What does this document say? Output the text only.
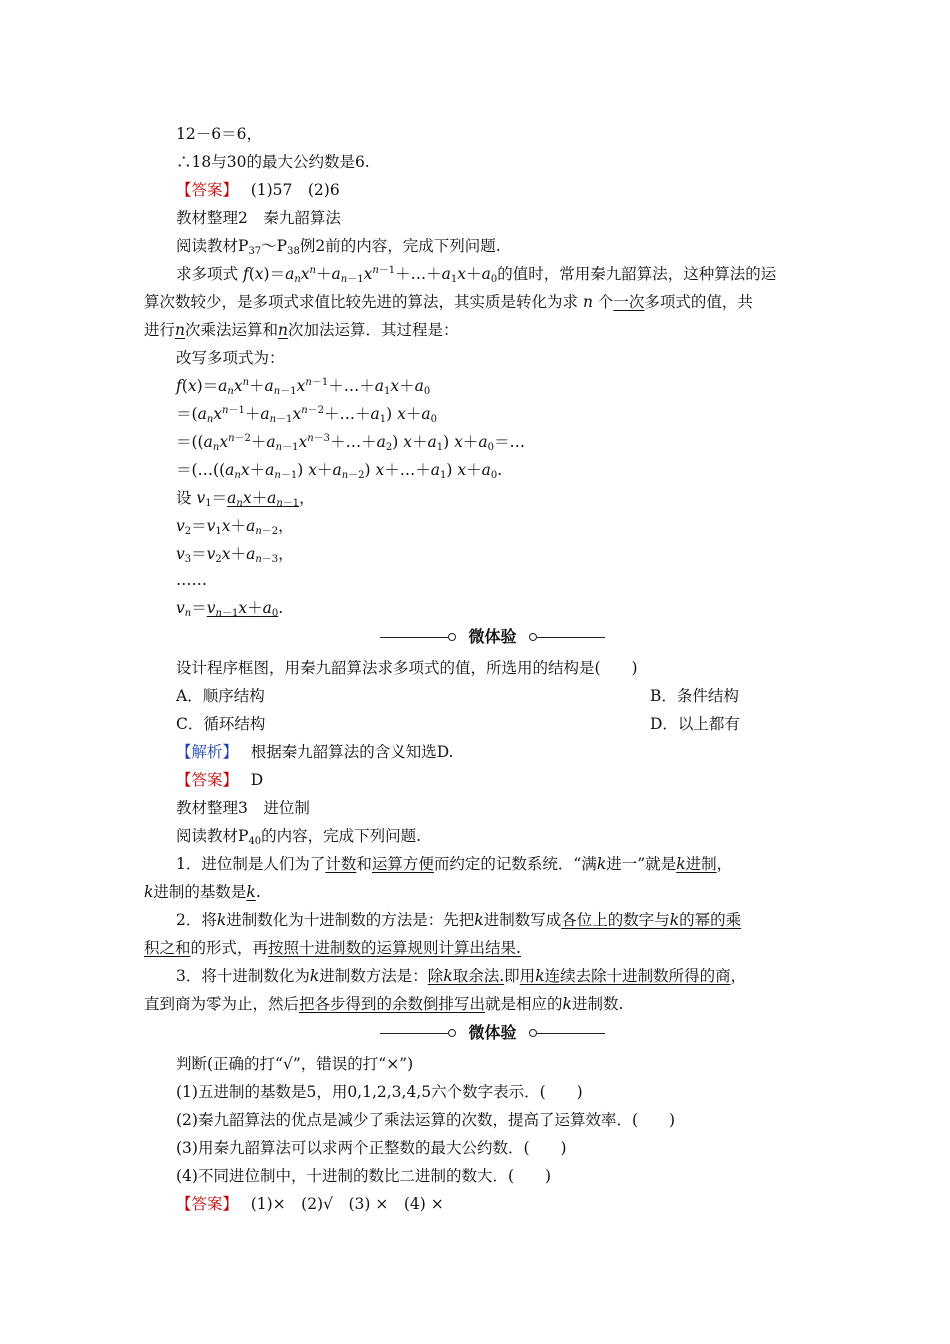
12－6＝6，
∴18与30的最大公约数是6.
【答案】　 (1)57　(2)6
教材整理2　秦九韶算法
阅读教材$P_{37}\sim P_{38}$例2前的内容，完成下列问题.
求多项式 $f(x)=a_nx^n+a_{n-1}x^{n-1}+\dots+a_1x+a_0$的值时，常用秦九韶算法，这种算法的运
算次数较少，是多项式求值比较先进的算法，其实质是转化为求 n 个一次多项式的值，共
进行n次乘法运算和n次加法运算．其过程是：
改写多项式为：
$f(x)=a_nx^n+a_{n-1}x^{n-1}+\dots+a_1x+a_0$
$=(a_nx^{n-1}+a_{n-1}x^{n-2}+\dots+a_1)$ $x+a_0$
$=((a_nx^{n-2}+a_{n-1}x^{n-3}+\dots+a_2)$ $x+a_1$) $x+a_0=\dots$
$=(\dots((a_nx+a_{n-1})$ $x+a_{n-2}$) $x+\dots+a_1$) $x+a_0$.
设 $v_1=a_nx+a_{n-1}$，
$v_2=v_1x+a_{n-2}$，
$v_3=v_2x+a_{n-3}$，
……
$v_n=v_{n-1}x+a_0$.
微体验
设计程序框图，用秦九韶算法求多项式的值，所选用的结构是(　　)
A．顺序结构	B．条件结构
C．循环结构	D．以上都有
【解析】　 根据秦九韶算法的含义知选D.
【答案】　 D
教材整理3　进位制
阅读教材$P_{40}$的内容，完成下列问题.
1．进位制是人们为了计数和运算方便而约定的记数系统．“满k进一”就是k进制，
k进制的基数是k.
2．将k进制数化为十进制数的方法是：先把k进制数写成各位上的数字与k的幂的乘
积之和的形式，再按照十进制数的运算规则计算出结果.
3．将十进制数化为k进制数方法是：除k取余法.即用k连续去除十进制数所得的商，
直到商为零为止，然后把各步得到的余数倒排写出就是相应的k进制数.
微体验
判断(正确的打“√”，错误的打“×”)
(1)五进制的基数是5，用0,1,2,3,4,5六个数字表示．(　　)
(2)秦九韶算法的优点是减少了乘法运算的次数，提高了运算效率．(　　)
(3)用秦九韶算法可以求两个正整数的最大公约数．(　　)
(4)不同进位制中，十进制的数比二进制的数大．(　　)
【答案】　 (1)×　(2)√　(3) ×　(4) ×
